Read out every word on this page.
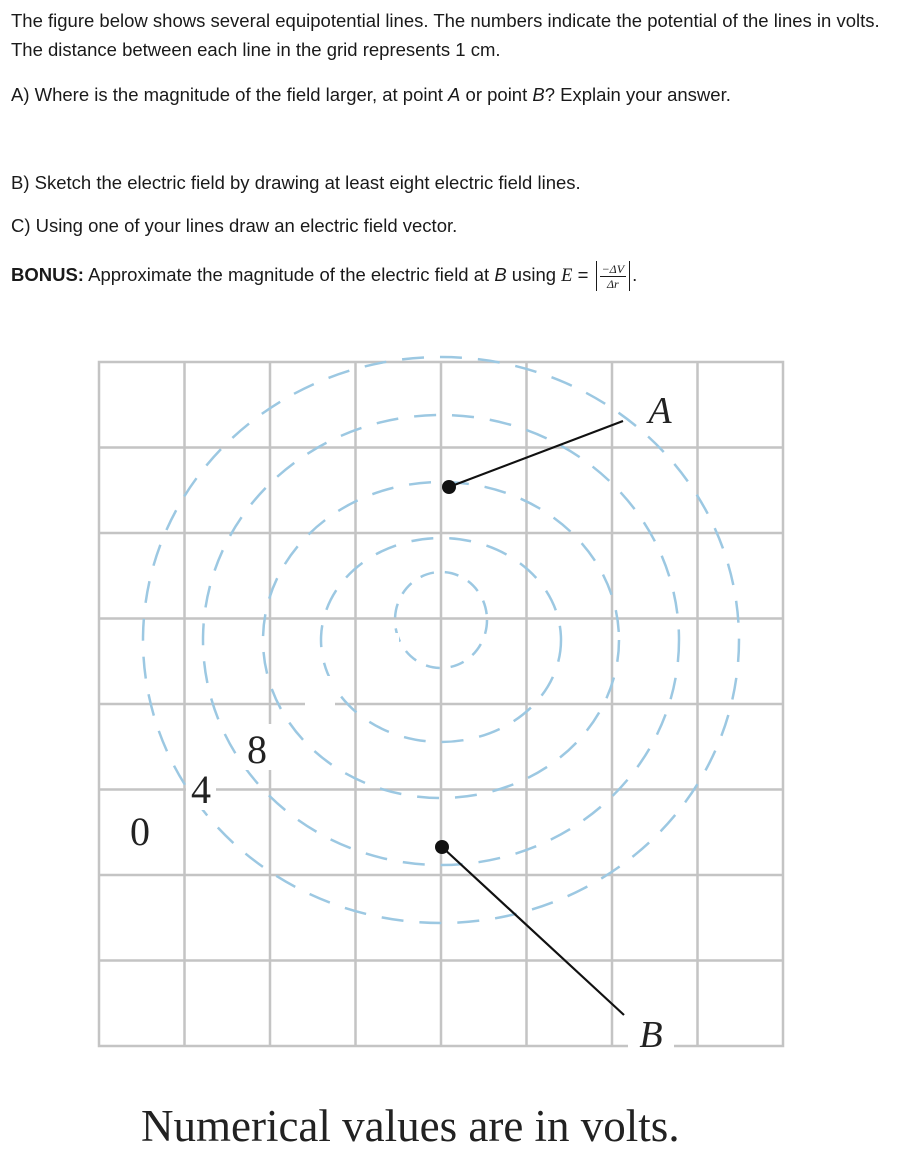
The figure below shows several equipotential lines. The numbers indicate the potential of the lines in volts. The distance between each line in the grid represents 1 cm.

A) Where is the magnitude of the field larger, at point A or point B? Explain your answer.

B) Sketch the electric field by drawing at least eight electric field lines.

C) Using one of your lines draw an electric field vector.

BONUS: Approximate the magnitude of the electric field at B using $E = \frac{-\Delta V}{\Delta r}$ .

A
B
0
4
8
Numerical values are in volts.
